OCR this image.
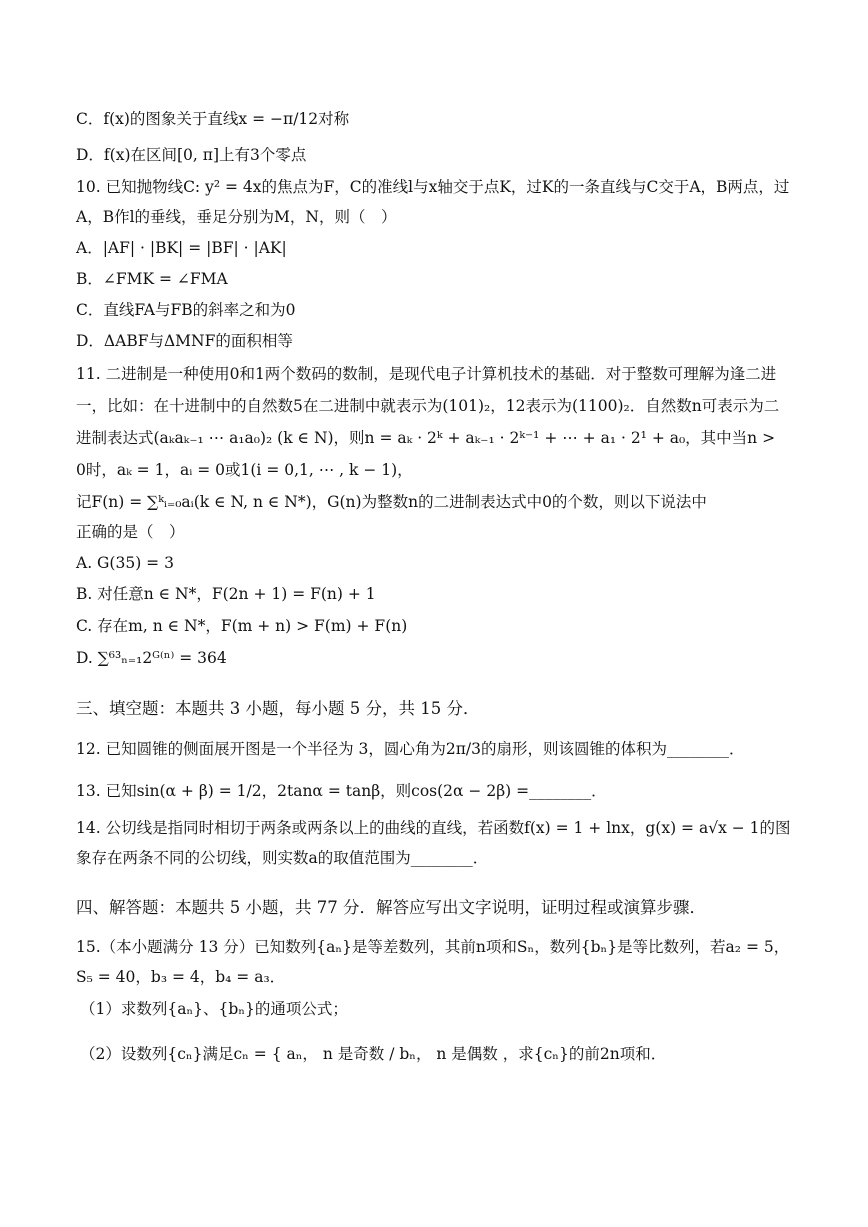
C．f(x)的图象关于直线x = −π/12对称
D．f(x)在区间[0, π]上有3个零点
10. 已知抛物线C: y² = 4x的焦点为F，C的准线l与x轴交于点K，过K的一条直线与C交于A，B两点，过
A，B作l的垂线，垂足分别为M，N，则（　）
A．|AF| · |BK| = |BF| · |AK|
B．∠FMK = ∠FMA
C．直线FA与FB的斜率之和为0
D．ΔABF与ΔMNF的面积相等
11. 二进制是一种使用0和1两个数码的数制，是现代电子计算机技术的基础．对于整数可理解为逢二进
一，比如：在十进制中的自然数5在二进制中就表示为(101)₂，12表示为(1100)₂．自然数n可表示为二
进制表达式(aₖaₖ₋₁ ⋯ a₁a₀)₂ (k ∈ N)，则n = aₖ · 2ᵏ + aₖ₋₁ · 2ᵏ⁻¹ + ⋯ + a₁ · 2¹ + a₀，其中当n >
0时，aₖ = 1，aᵢ = 0或1(i = 0,1, ⋯ , k − 1)，
记F(n) = ∑ᵏᵢ₌₀aᵢ(k ∈ N, n ∈ N*)，G(n)为整数n的二进制表达式中0的个数，则以下说法中
正确的是（　）
A. G(35) = 3
B. 对任意n ∈ N*，F(2n + 1) = F(n) + 1
C. 存在m, n ∈ N*，F(m + n) > F(m) + F(n)
D. ∑⁶³ₙ₌₁2ᴳ⁽ⁿ⁾ = 364
三、填空题：本题共 3 小题，每小题 5 分，共 15 分．
12. 已知圆锥的侧面展开图是一个半径为 3，圆心角为2π/3的扇形，则该圆锥的体积为________．
13. 已知sin(α + β) = 1/2，2tanα = tanβ，则cos(2α − 2β) =________．
14. 公切线是指同时相切于两条或两条以上的曲线的直线，若函数f(x) = 1 + lnx，g(x) = a√x − 1的图
象存在两条不同的公切线，则实数a的取值范围为________．
四、解答题：本题共 5 小题，共 77 分．解答应写出文字说明，证明过程或演算步骤．
15.（本小题满分 13 分）已知数列{aₙ}是等差数列，其前n项和Sₙ，数列{bₙ}是等比数列，若a₂ = 5，
S₅ = 40，b₃ = 4，b₄ = a₃．
（1）求数列{aₙ}、{bₙ}的通项公式；
（2）设数列{cₙ}满足cₙ = { aₙ， n 是奇数 / bₙ， n 是偶数 ，求{cₙ}的前2n项和．
